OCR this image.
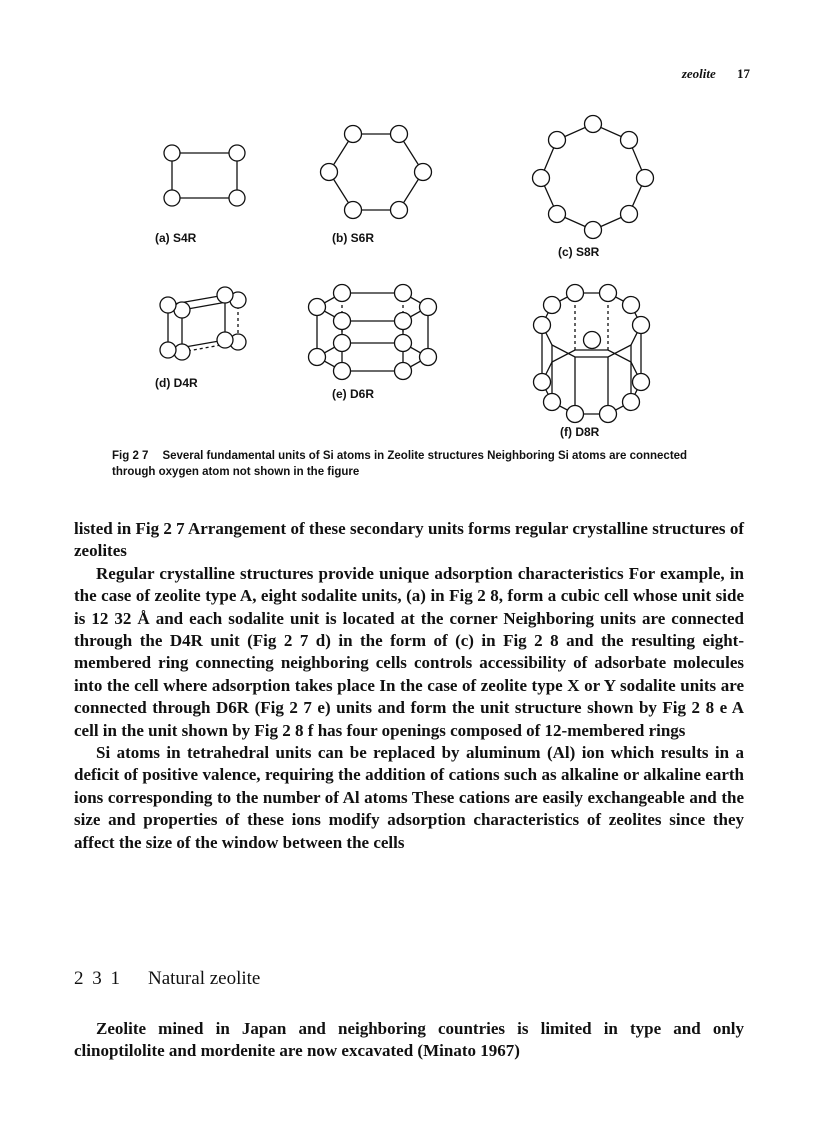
zeolite 17
(a) S4R	(b) S6R
(c) S8R
(d) D4R
(e) D6R
(f) D8R
Fig 2 7 Several fundamental units of Si atoms in Zeolite structures Neighboring Si atoms are connected through oxygen atom not shown in the figure

listed in Fig 2 7 Arrangement of these secondary units forms regular crystalline structures of zeolites

Regular crystalline structures provide unique adsorption characteristics For example, in the case of zeolite type A, eight sodalite units, (a) in Fig 2 8, form a cubic cell whose unit side is 12 32 Å and each sodalite unit is located at the corner Neighboring units are connected through the D4R unit (Fig 2 7 d) in the form of (c) in Fig 2 8 and the resulting eight-membered ring connecting neighboring cells controls accessibility of adsorbate molecules into the cell where adsorption takes place In the case of zeolite type X or Y sodalite units are connected through D6R (Fig 2 7 e) units and form the unit structure shown by Fig 2 8 e A cell in the unit shown by Fig 2 8 f has four openings composed of 12-membered rings

Si atoms in tetrahedral units can be replaced by aluminum (Al) ion which results in a deficit of positive valence, requiring the addition of cations such as alkaline or alkaline earth ions corresponding to the number of Al atoms These cations are easily exchangeable and the size and properties of these ions modify adsorption characteristics of zeolites since they affect the size of the window between the cells

2 3 1 Natural zeolite

Zeolite mined in Japan and neighboring countries is limited in type and only clinoptilolite and mordenite are now excavated (Minato 1967)
